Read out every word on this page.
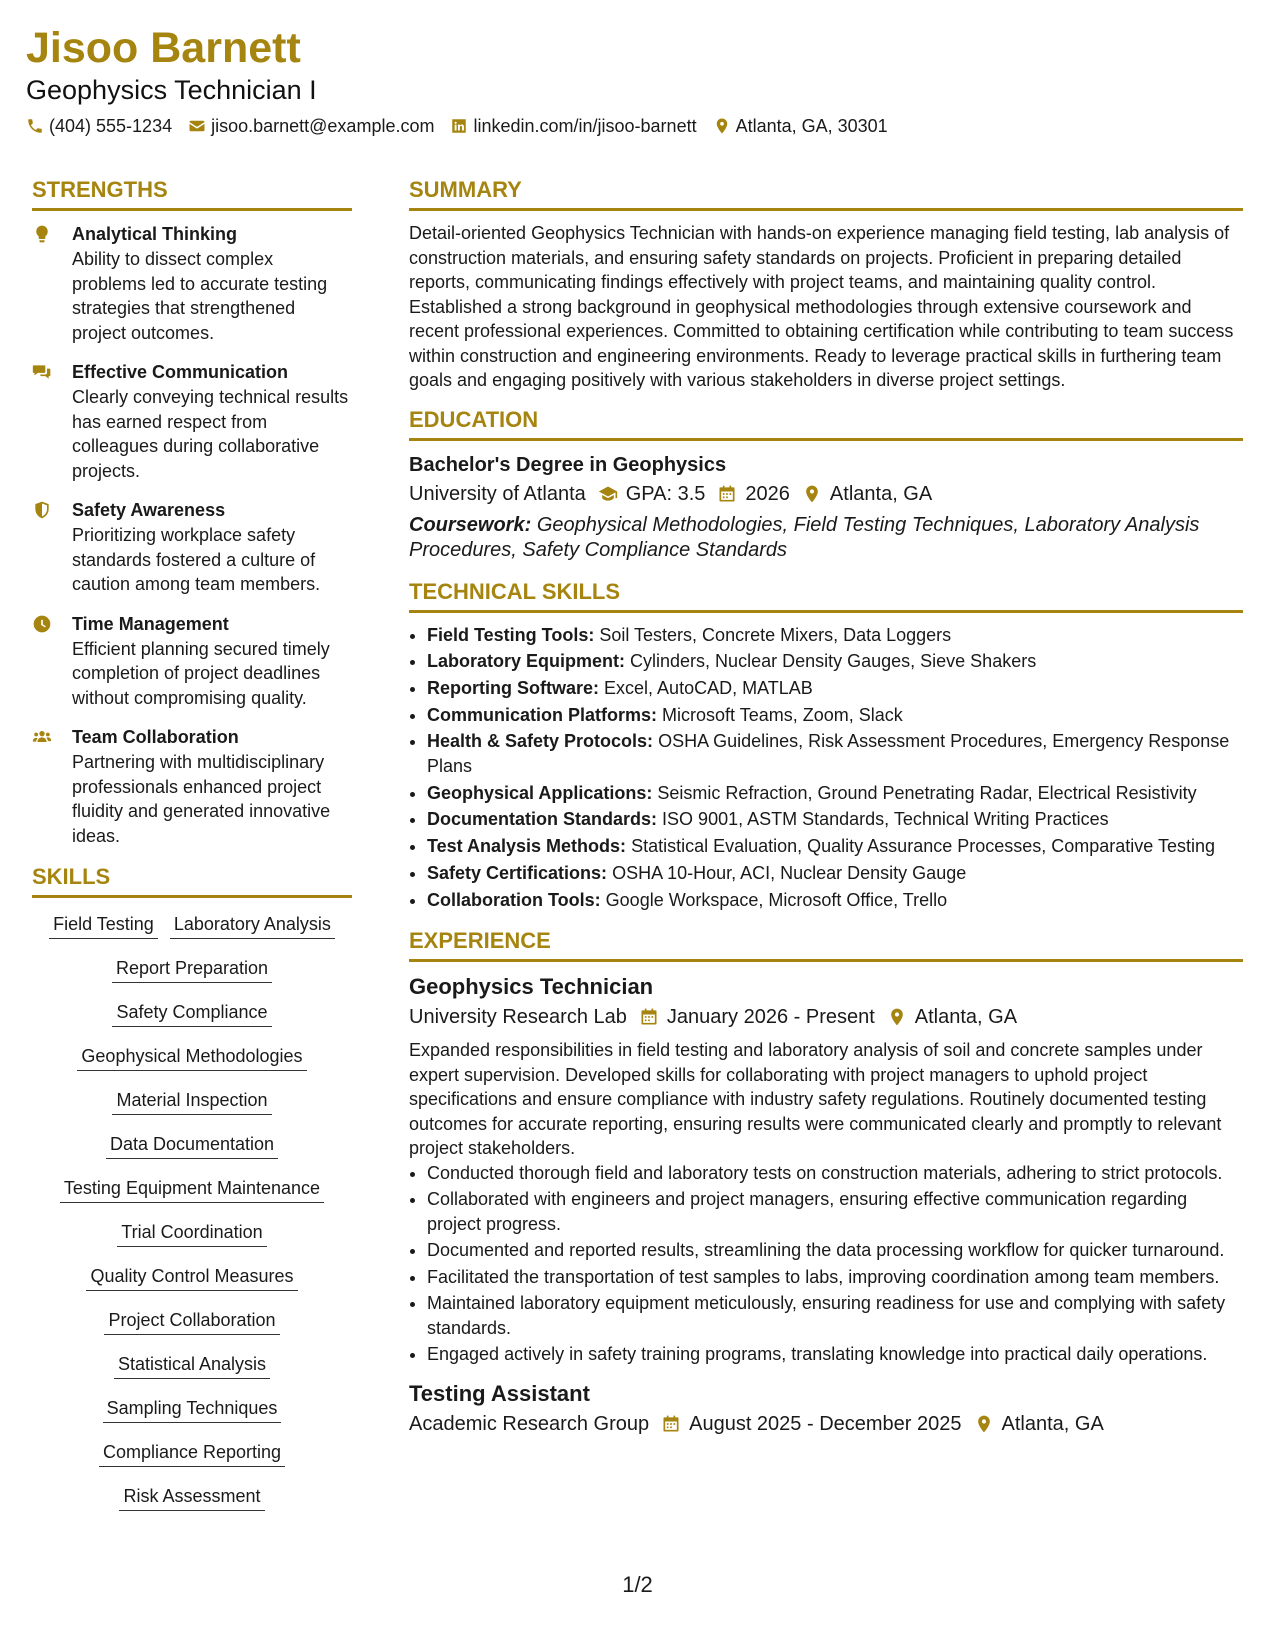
Jisoo Barnett
Geophysics Technician I
(404) 555-1234 jisoo.barnett@example.com linkedin.com/in/jisoo-barnett Atlanta, GA, 30301
STRENGTHS
Analytical Thinking
Ability to dissect complex problems led to accurate testing strategies that strengthened project outcomes.
Effective Communication
Clearly conveying technical results has earned respect from colleagues during collaborative projects.
Safety Awareness
Prioritizing workplace safety standards fostered a culture of caution among team members.
Time Management
Efficient planning secured timely completion of project deadlines without compromising quality.
Team Collaboration
Partnering with multidisciplinary professionals enhanced project fluidity and generated innovative ideas.
SKILLS
Field Testing Laboratory Analysis
Report Preparation
Safety Compliance
Geophysical Methodologies
Material Inspection
Data Documentation
Testing Equipment Maintenance
Trial Coordination
Quality Control Measures
Project Collaboration
Statistical Analysis
Sampling Techniques
Compliance Reporting
Risk Assessment
SUMMARY

Detail-oriented Geophysics Technician with hands-on experience managing field testing, lab analysis of construction materials, and ensuring safety standards on projects. Proficient in preparing detailed reports, communicating findings effectively with project teams, and maintaining quality control. Established a strong background in geophysical methodologies through extensive coursework and recent professional experiences. Committed to obtaining certification while contributing to team success within construction and engineering environments. Ready to leverage practical skills in furthering team goals and engaging positively with various stakeholders in diverse project settings.

EDUCATION
Bachelor's Degree in Geophysics
University of Atlanta GPA: 3.5 2026 Atlanta, GA
Coursework: Geophysical Methodologies, Field Testing Techniques, Laboratory Analysis Procedures, Safety Compliance Standards
TECHNICAL SKILLS
• Field Testing Tools: Soil Testers, Concrete Mixers, Data Loggers
• Laboratory Equipment: Cylinders, Nuclear Density Gauges, Sieve Shakers
• Reporting Software: Excel, AutoCAD, MATLAB
• Communication Platforms: Microsoft Teams, Zoom, Slack
• Health & Safety Protocols: OSHA Guidelines, Risk Assessment Procedures, Emergency Response Plans
• Geophysical Applications: Seismic Refraction, Ground Penetrating Radar, Electrical Resistivity
• Documentation Standards: ISO 9001, ASTM Standards, Technical Writing Practices
• Test Analysis Methods: Statistical Evaluation, Quality Assurance Processes, Comparative Testing
• Safety Certifications: OSHA 10-Hour, ACI, Nuclear Density Gauge
• Collaboration Tools: Google Workspace, Microsoft Office, Trello
EXPERIENCE
Geophysics Technician
University Research Lab January 2026 - Present Atlanta, GA

Expanded responsibilities in field testing and laboratory analysis of soil and concrete samples under expert supervision. Developed skills for collaborating with project managers to uphold project specifications and ensure compliance with industry safety regulations. Routinely documented testing outcomes for accurate reporting, ensuring results were communicated clearly and promptly to relevant project stakeholders.

• Conducted thorough field and laboratory tests on construction materials, adhering to strict protocols.
• Collaborated with engineers and project managers, ensuring effective communication regarding project progress.
• Documented and reported results, streamlining the data processing workflow for quicker turnaround.
• Facilitated the transportation of test samples to labs, improving coordination among team members.
• Maintained laboratory equipment meticulously, ensuring readiness for use and complying with safety standards.
• Engaged actively in safety training programs, translating knowledge into practical daily operations.
Testing Assistant
Academic Research Group August 2025 - December 2025 Atlanta, GA
1/2
